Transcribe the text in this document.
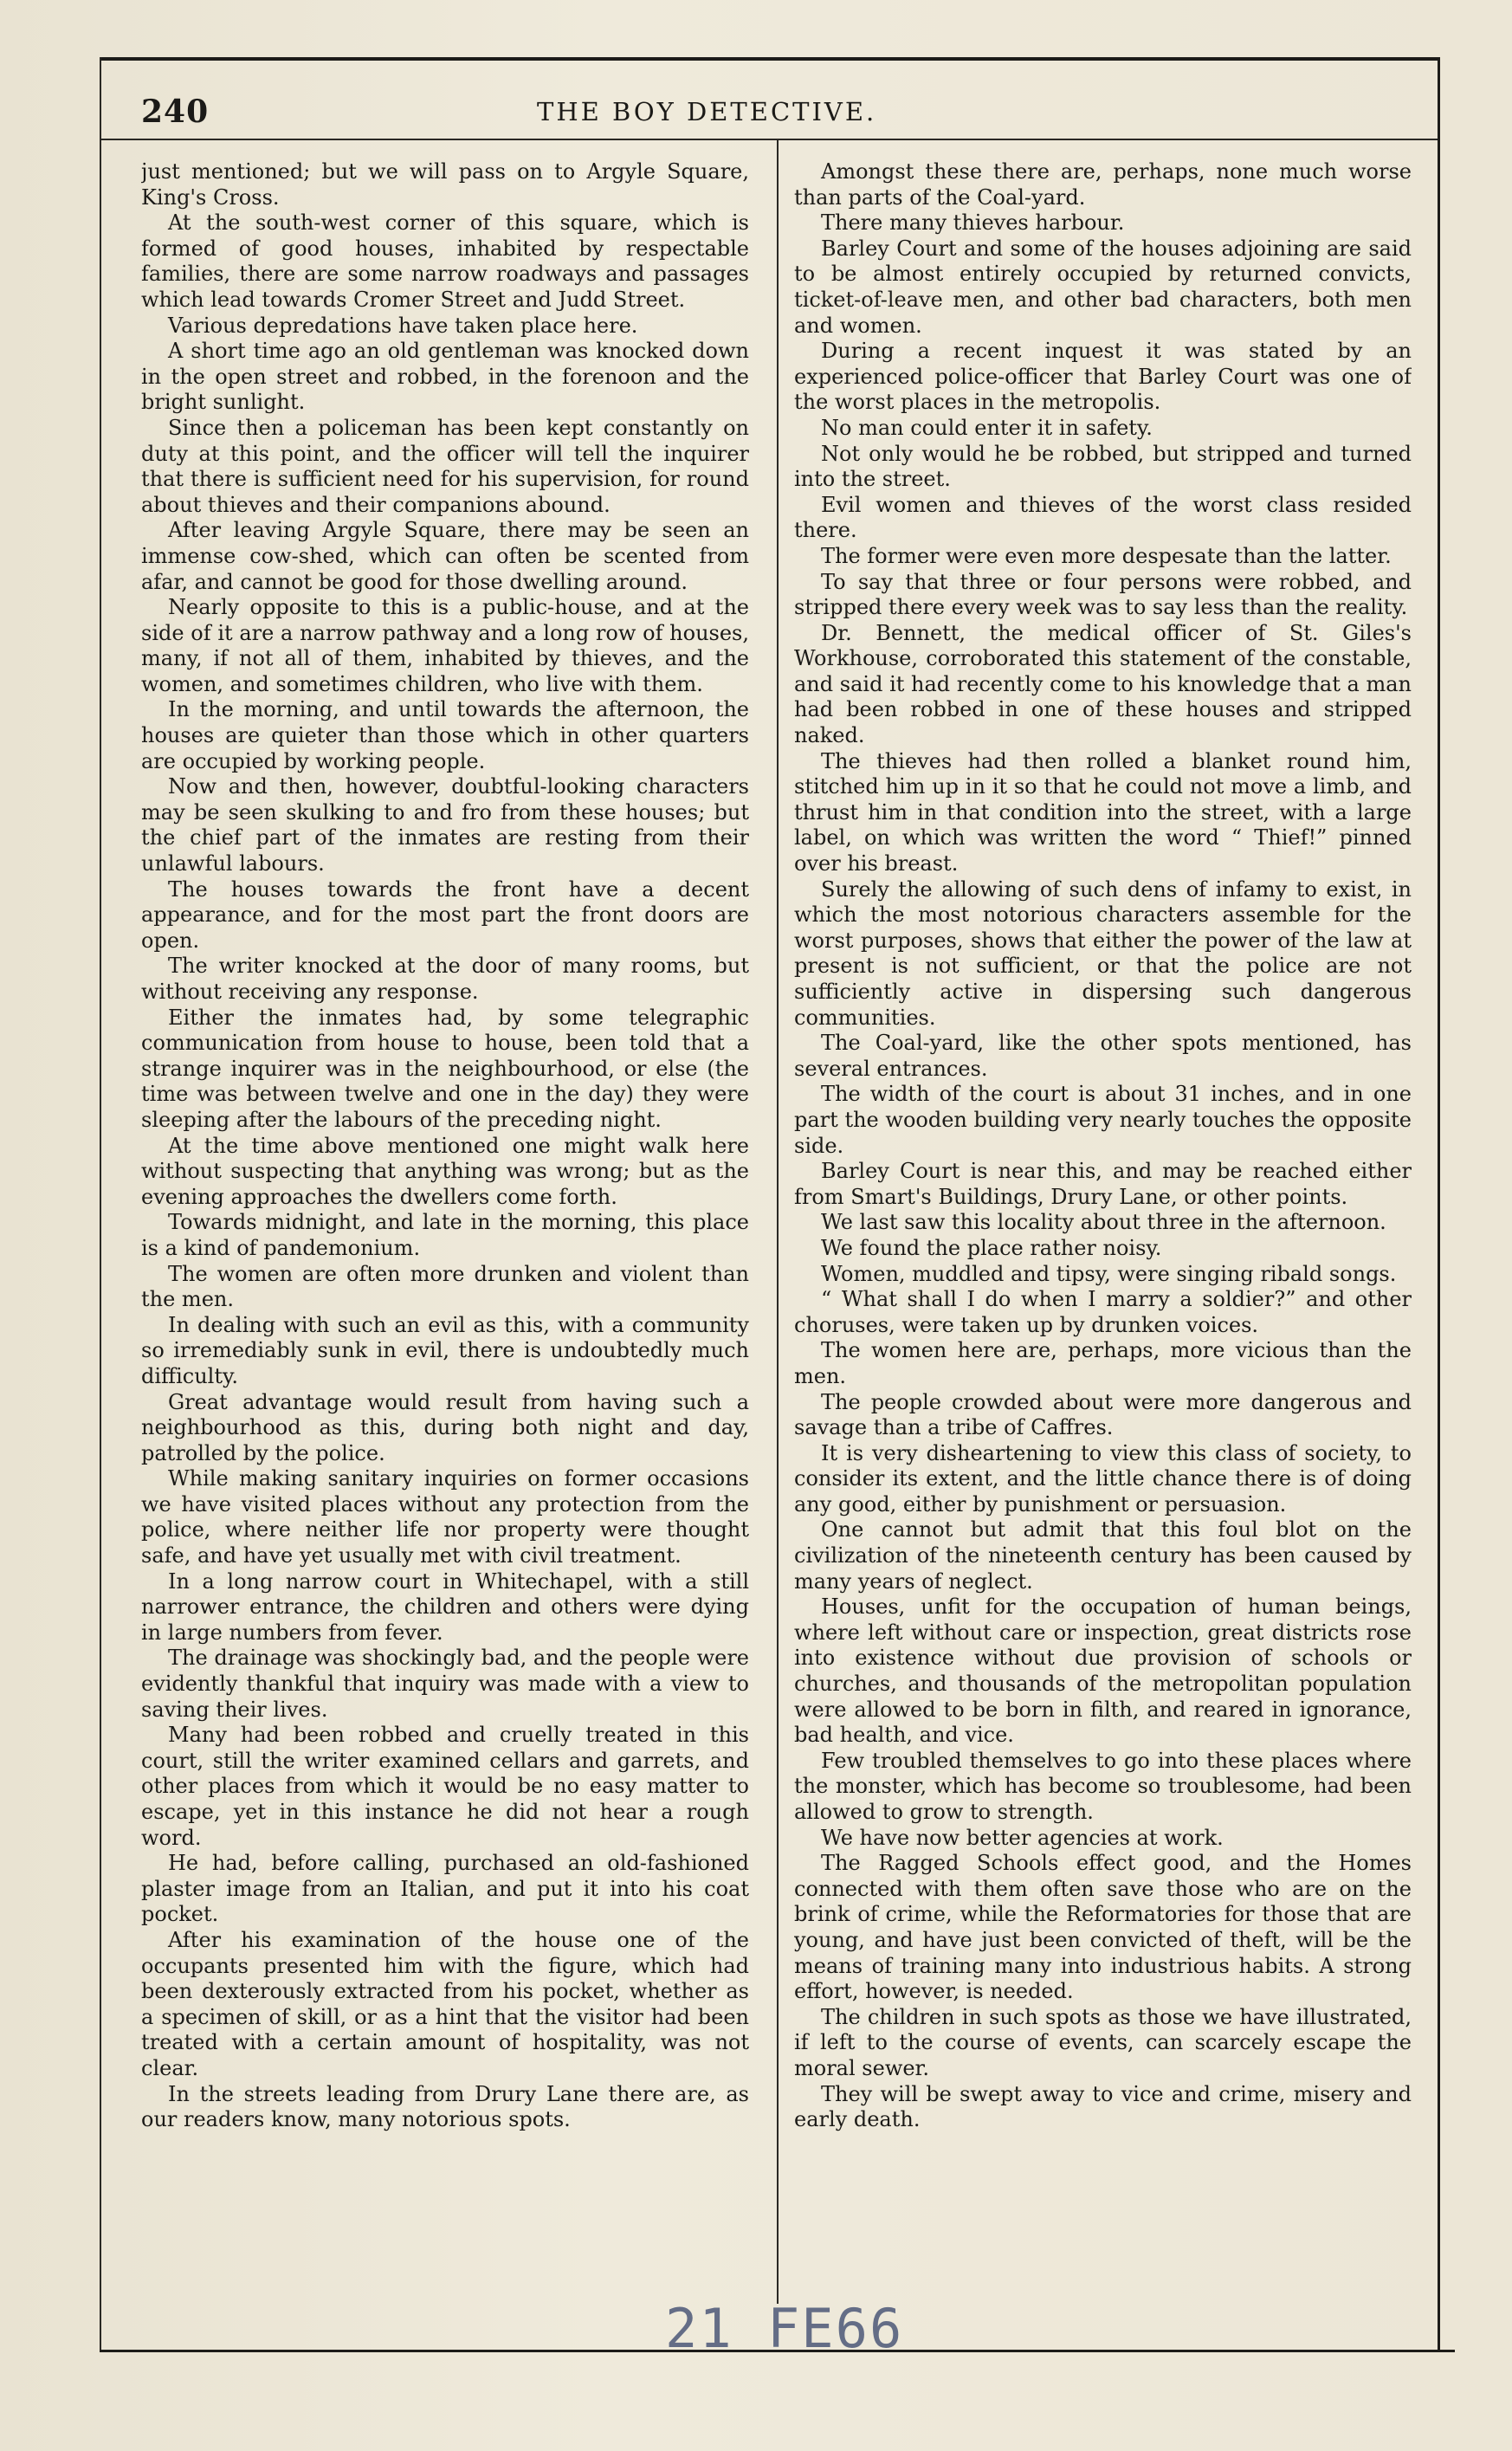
240	THE BOY DETECTIVE.

just mentioned; but we will pass on to Argyle Square, King's Cross.

At the south-west corner of this square, which is formed of good houses, inhabited by respectable families, there are some narrow roadways and passages which lead towards Cromer Street and Judd Street.

Various depredations have taken place here.

A short time ago an old gentleman was knocked down in the open street and robbed, in the forenoon and the bright sunlight.

Since then a policeman has been kept constantly on duty at this point, and the officer will tell the inquirer that there is sufficient need for his supervision, for round about thieves and their companions abound.

After leaving Argyle Square, there may be seen an immense cow-shed, which can often be scented from afar, and cannot be good for those dwelling around.

Nearly opposite to this is a public-house, and at the side of it are a narrow pathway and a long row of houses, many, if not all of them, inhabited by thieves, and the women, and sometimes children, who live with them.

In the morning, and until towards the afternoon, the houses are quieter than those which in other quarters are occupied by working people.

Now and then, however, doubtful-looking characters may be seen skulking to and fro from these houses; but the chief part of the inmates are resting from their unlawful labours.

The houses towards the front have a decent appearance, and for the most part the front doors are open.

The writer knocked at the door of many rooms, but without receiving any response.

Either the inmates had, by some telegraphic communication from house to house, been told that a strange inquirer was in the neighbourhood, or else (the time was between twelve and one in the day) they were sleeping after the labours of the preceding night.

At the time above mentioned one might walk here without suspecting that anything was wrong; but as the evening approaches the dwellers come forth.

Towards midnight, and late in the morning, this place is a kind of pandemonium.

The women are often more drunken and violent than the men.

In dealing with such an evil as this, with a community so irremediably sunk in evil, there is undoubtedly much difficulty.

Great advantage would result from having such a neighbourhood as this, during both night and day, patrolled by the police.

While making sanitary inquiries on former occasions we have visited places without any protection from the police, where neither life nor property were thought safe, and have yet usually met with civil treatment.

In a long narrow court in Whitechapel, with a still narrower entrance, the children and others were dying in large numbers from fever.

The drainage was shockingly bad, and the people were evidently thankful that inquiry was made with a view to saving their lives.

Many had been robbed and cruelly treated in this court, still the writer examined cellars and garrets, and other places from which it would be no easy matter to escape, yet in this instance he did not hear a rough word.

He had, before calling, purchased an old-fashioned plaster image from an Italian, and put it into his coat pocket.

After his examination of the house one of the occupants presented him with the figure, which had been dexterously extracted from his pocket, whether as a specimen of skill, or as a hint that the visitor had been treated with a certain amount of hospitality, was not clear.

In the streets leading from Drury Lane there are, as our readers know, many notorious spots.

Amongst these there are, perhaps, none much worse than parts of the Coal-yard.

There many thieves harbour.

Barley Court and some of the houses adjoining are said to be almost entirely occupied by returned convicts, ticket-of-leave men, and other bad characters, both men and women.

During a recent inquest it was stated by an experienced police-officer that Barley Court was one of the worst places in the metropolis.

No man could enter it in safety.

Not only would he be robbed, but stripped and turned into the street.

Evil women and thieves of the worst class resided there.

The former were even more despesate than the latter.

To say that three or four persons were robbed, and stripped there every week was to say less than the reality.

Dr. Bennett, the medical officer of St. Giles's Workhouse, corroborated this statement of the constable, and said it had recently come to his knowledge that a man had been robbed in one of these houses and stripped naked.

The thieves had then rolled a blanket round him, stitched him up in it so that he could not move a limb, and thrust him in that condition into the street, with a large label, on which was written the word “ Thief!” pinned over his breast.

Surely the allowing of such dens of infamy to exist, in which the most notorious characters assemble for the worst purposes, shows that either the power of the law at present is not sufficient, or that the police are not sufficiently active in dispersing such dangerous communities.

The Coal-yard, like the other spots mentioned, has several entrances.

The width of the court is about 31 inches, and in one part the wooden building very nearly touches the opposite side.

Barley Court is near this, and may be reached either from Smart's Buildings, Drury Lane, or other points.

We last saw this locality about three in the afternoon.

We found the place rather noisy.

Women, muddled and tipsy, were singing ribald songs.

“ What shall I do when I marry a soldier?” and other choruses, were taken up by drunken voices.

The women here are, perhaps, more vicious than the men.

The people crowded about were more dangerous and savage than a tribe of Caffres.

It is very disheartening to view this class of society, to consider its extent, and the little chance there is of doing any good, either by punishment or persuasion.

One cannot but admit that this foul blot on the civilization of the nineteenth century has been caused by many years of neglect.

Houses, unfit for the occupation of human beings, where left without care or inspection, great districts rose into existence without due provision of schools or churches, and thousands of the metropolitan population were allowed to be born in filth, and reared in ignorance, bad health, and vice.

Few troubled themselves to go into these places where the monster, which has become so troublesome, had been allowed to grow to strength.

We have now better agencies at work.

The Ragged Schools effect good, and the Homes connected with them often save those who are on the brink of crime, while the Reformatories for those that are young, and have just been convicted of theft, will be the means of training many into industrious habits. A strong effort, however, is needed.

The children in such spots as those we have illustrated, if left to the course of events, can scarcely escape the moral sewer.

They will be swept away to vice and crime, misery and early death.

21 FE66
